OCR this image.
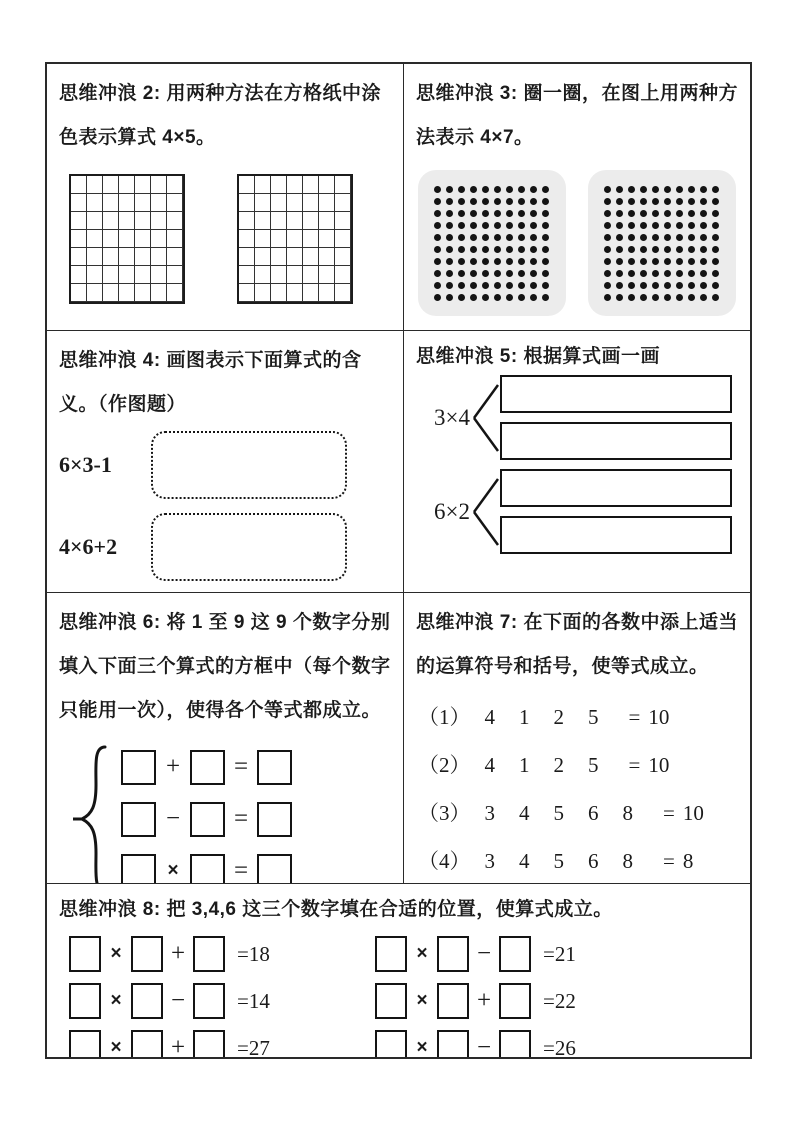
思维冲浪 2: 用两种方法在方格纸中涂色表示算式 4×5。

思维冲浪 3: 圈一圈，在图上用两种方法表示 4×7。

思维冲浪 4: 画图表示下面算式的含义。（作图题）

6×3-1
4×6+2

思维冲浪 5: 根据算式画一画

3×4
6×2

思维冲浪 6: 将 1 至 9 这 9 个数字分别填入下面三个算式的方框中（每个数字只能用一次），使得各个等式都成立。

+ =
− =
× =

思维冲浪 7: 在下面的各数中添上适当的运算符号和括号，使等式成立。

（1） 4 1 2 5 = 10
（2） 4 1 2 5 = 10
（3） 3 4 5 6 8 = 10
（4） 3 4 5 6 8 = 8

思维冲浪 8: 把 3,4,6 这三个数字填在合适的位置，使算式成立。

× + =18
× − =14
× + =27
× − =21
× + =22
× − =26
